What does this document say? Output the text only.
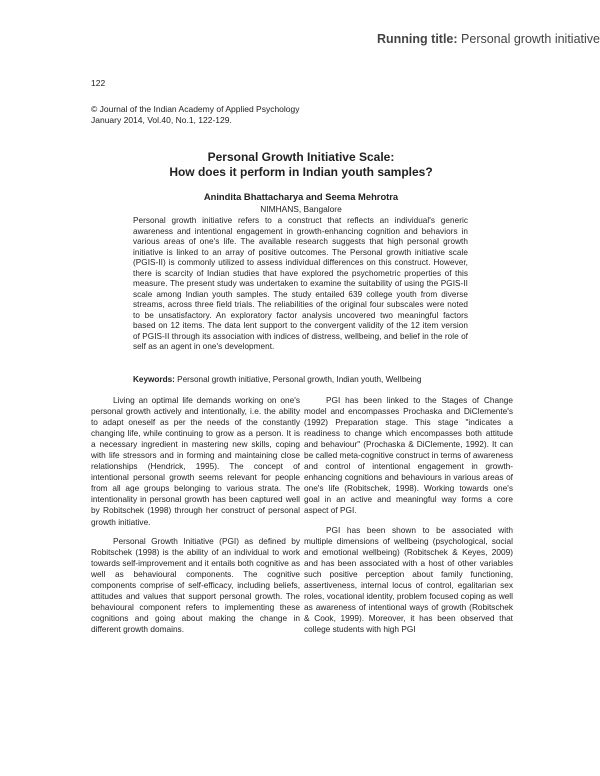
Running title: Personal growth initiative
122
© Journal of the Indian Academy of Applied Psychology
January 2014, Vol.40, No.1, 122-129.
Personal Growth Initiative Scale:
How does it perform in Indian youth samples?
Anindita Bhattacharya and Seema Mehrotra
NIMHANS, Bangalore
Personal growth initiative refers to a construct that reflects an individual's generic awareness and intentional engagement in growth-enhancing cognition and behaviors in various areas of one's life. The available research suggests that high personal growth initiative is linked to an array of positive outcomes. The Personal growth initiative scale (PGIS-II) is commonly utilized to assess individual differences on this construct. However, there is scarcity of Indian studies that have explored the psychometric properties of this measure. The present study was undertaken to examine the suitability of using the PGIS-II scale among Indian youth samples. The study entailed 639 college youth from diverse streams, across three field trials. The reliabilities of the original four subscales were noted to be unsatisfactory. An exploratory factor analysis uncovered two meaningful factors based on 12 items. The data lent support to the convergent validity of the 12 item version of PGIS-II through its association with indices of distress, wellbeing, and belief in the role of self as an agent in one's development.
Keywords: Personal growth initiative, Personal growth, Indian youth, Wellbeing

Living an optimal life demands working on one's personal growth actively and intentionally, i.e. the ability to adapt oneself as per the needs of the constantly changing life, while continuing to grow as a person. It is a necessary ingredient in mastering new skills, coping with life stressors and in forming and maintaining close relationships (Hendrick, 1995). The concept of intentional personal growth seems relevant for people from all age groups belonging to various strata. The intentionality in personal growth has been captured well by Robitschek (1998) through her construct of personal growth initiative.

Personal Growth Initiative (PGI) as defined by Robitschek (1998) is the ability of an individual to work towards self-improvement and it entails both cognitive as well as behavioural components. The cognitive components comprise of self-efficacy, including beliefs, attitudes and values that support personal growth. The behavioural component refers to implementing these cognitions and going about making the change in different growth domains.

PGI has been linked to the Stages of Change model and encompasses Prochaska and DiClemente's (1992) Preparation stage. This stage "indicates a readiness to change which encompasses both attitude and behaviour" (Prochaska & DiClemente, 1992). It can be called meta-cognitive construct in terms of awareness and control of intentional engagement in growth-enhancing cognitions and behaviours in various areas of one's life (Robitschek, 1998). Working towards one's goal in an active and meaningful way forms a core aspect of PGI.

PGI has been shown to be associated with multiple dimensions of wellbeing (psychological, social and emotional wellbeing) (Robitschek & Keyes, 2009) and has been associated with a host of other variables such positive perception about family functioning, assertiveness, internal locus of control, egalitarian sex roles, vocational identity, problem focused coping as well as awareness of intentional ways of growth (Robitschek & Cook, 1999). Moreover, it has been observed that college students with high PGI
